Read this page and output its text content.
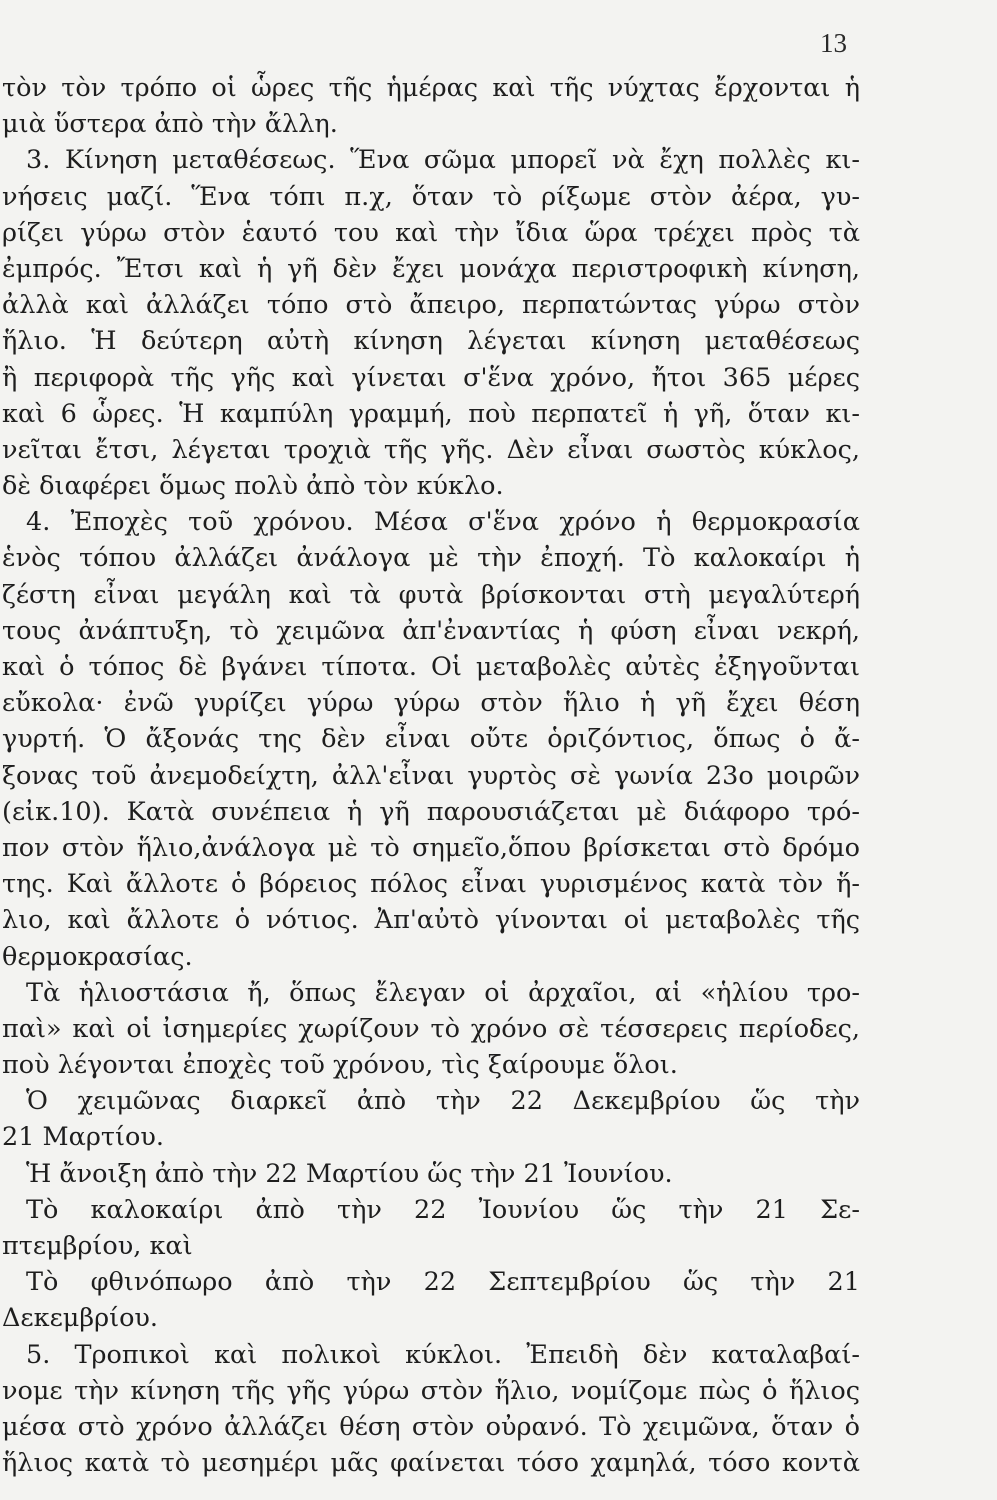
13
τὸν τὸν τρόπο οἱ ὧρες τῆς ἡμέρας καὶ τῆς νύχτας ἔρχονται ἡ
μιὰ ὕστερα ἀπὸ τὴν ἄλλη.
3. Κίνηση μεταθέσεως. Ἕνα σῶμα μπορεῖ νὰ ἔχη πολλὲς κι-
νήσεις μαζί. Ἕνα τόπι π.χ, ὅταν τὸ ρίξωμε στὸν ἀέρα, γυ-
ρίζει γύρω στὸν ἑαυτό του καὶ τὴν ἴδια ὥρα τρέχει πρὸς τὰ
ἐμπρός. Ἔτσι καὶ ἡ γῆ δὲν ἔχει μονάχα περιστροφικὴ κίνηση,
ἀλλὰ καὶ ἀλλάζει τόπο στὸ ἄπειρο, περπατώντας γύρω στὸν
ἥλιο. Ἡ δεύτερη αὐτὴ κίνηση λέγεται κίνηση μεταθέσεως
ἢ περιφορὰ τῆς γῆς καὶ γίνεται σ'ἕνα χρόνο, ἤτοι 365 μέρες
καὶ 6 ὧρες. Ἡ καμπύλη γραμμή, ποὺ περπατεῖ ἡ γῆ, ὅταν κι-
νεῖται ἔτσι, λέγεται τροχιὰ τῆς γῆς. Δὲν εἶναι σωστὸς κύκλος,
δὲ διαφέρει ὅμως πολὺ ἀπὸ τὸν κύκλο.
4. Ἐποχὲς τοῦ χρόνου. Μέσα σ'ἕνα χρόνο ἡ θερμοκρασία
ἑνὸς τόπου ἀλλάζει ἀνάλογα μὲ τὴν ἐποχή. Τὸ καλοκαίρι ἡ
ζέστη εἶναι μεγάλη καὶ τὰ φυτὰ βρίσκονται στὴ μεγαλύτερή
τους ἀνάπτυξη, τὸ χειμῶνα ἀπ'ἐναντίας ἡ φύση εἶναι νεκρή,
καὶ ὁ τόπος δὲ βγάνει τίποτα. Οἱ μεταβολὲς αὐτὲς ἐξηγοῦνται
εὔκολα· ἐνῶ γυρίζει γύρω γύρω στὸν ἥλιο ἡ γῆ ἔχει θέση
γυρτή. Ὁ ἄξονάς της δὲν εἶναι οὔτε ὁριζόντιος, ὅπως ὁ ἄ-
ξονας τοῦ ἀνεμοδείχτη, ἀλλ'εἶναι γυρτὸς σὲ γωνία 23ο μοιρῶν
(εἰκ.10). Κατὰ συνέπεια ἡ γῆ παρουσιάζεται μὲ διάφορο τρό-
πον στὸν ἥλιο,ἀνάλογα μὲ τὸ σημεῖο,ὅπου βρίσκεται στὸ δρόμο
της. Καὶ ἄλλοτε ὁ βόρειος πόλος εἶναι γυρισμένος κατὰ τὸν ἥ-
λιο, καὶ ἄλλοτε ὁ νότιος. Ἀπ'αὐτὸ γίνονται οἱ μεταβολὲς τῆς
θερμοκρασίας.
Τὰ ἡλιοστάσια ἤ, ὅπως ἔλεγαν οἱ ἀρχαῖοι, αἱ «ἡλίου τρο-
παὶ» καὶ οἱ ἰσημερίες χωρίζουν τὸ χρόνο σὲ τέσσερεις περίοδες,
ποὺ λέγονται ἐποχὲς τοῦ χρόνου, τὶς ξαίρουμε ὅλοι.
Ὁ χειμῶνας διαρκεῖ ἀπὸ τὴν 22 Δεκεμβρίου ὥς τὴν
21 Μαρτίου.
Ἡ ἄνοιξη ἀπὸ τὴν 22 Μαρτίου ὥς τὴν 21 Ἰουνίου.
Τὸ καλοκαίρι ἀπὸ τὴν 22 Ἰουνίου ὥς τὴν 21 Σε-
πτεμβρίου, καὶ
Τὸ φθινόπωρο ἀπὸ τὴν 22 Σεπτεμβρίου ὥς τὴν 21
Δεκεμβρίου.
5. Τροπικοὶ καὶ πολικοὶ κύκλοι. Ἐπειδὴ δὲν καταλαβαί-
νομε τὴν κίνηση τῆς γῆς γύρω στὸν ἥλιο, νομίζομε πὼς ὁ ἥλιος
μέσα στὸ χρόνο ἀλλάζει θέση στὸν οὐρανό. Τὸ χειμῶνα, ὅταν ὁ
ἥλιος κατὰ τὸ μεσημέρι μᾶς φαίνεται τόσο χαμηλά, τόσο κοντὰ
